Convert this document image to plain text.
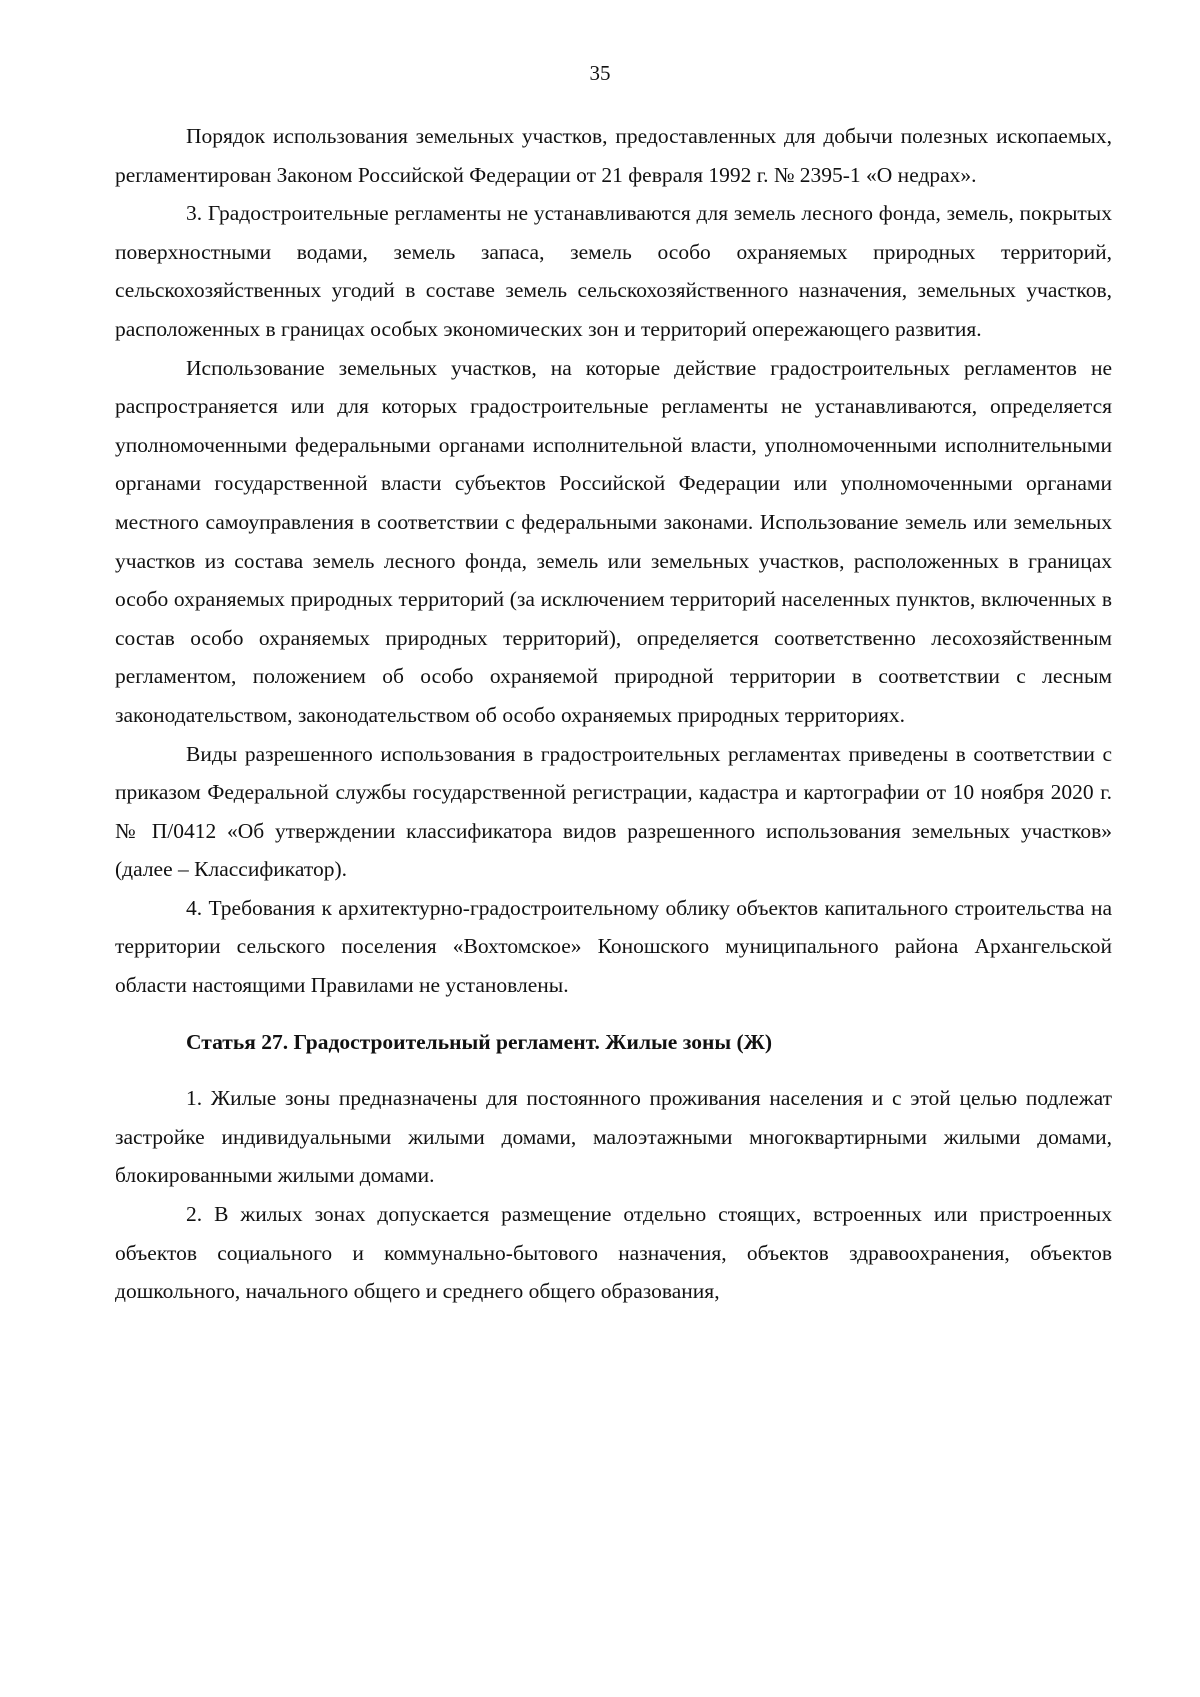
35

Порядок использования земельных участков, предоставленных для добычи полезных ископаемых, регламентирован Законом Российской Федерации от 21 февраля 1992 г. № 2395-1 «О недрах».

3. Градостроительные регламенты не устанавливаются для земель лесного фонда, земель, покрытых поверхностными водами, земель запаса, земель особо охраняемых природных территорий, сельскохозяйственных угодий в составе земель сельскохозяйственного назначения, земельных участков, расположенных в границах особых экономических зон и территорий опережающего развития.

Использование земельных участков, на которые действие градостроительных регламентов не распространяется или для которых градостроительные регламенты не устанавливаются, определяется уполномоченными федеральными органами исполнительной власти, уполномоченными исполнительными органами государственной власти субъектов Российской Федерации или уполномоченными органами местного самоуправления в соответствии с федеральными законами. Использование земель или земельных участков из состава земель лесного фонда, земель или земельных участков, расположенных в границах особо охраняемых природных территорий (за исключением территорий населенных пунктов, включенных в состав особо охраняемых природных территорий), определяется соответственно лесохозяйственным регламентом, положением об особо охраняемой природной территории в соответствии с лесным законодательством, законодательством об особо охраняемых природных территориях.

Виды разрешенного использования в градостроительных регламентах приведены в соответствии с приказом Федеральной службы государственной регистрации, кадастра и картографии от 10 ноября 2020 г. № П/0412 «Об утверждении классификатора видов разрешенного использования земельных участков» (далее – Классификатор).

4. Требования к архитектурно-градостроительному облику объектов капитального строительства на территории сельского поселения «Вохтомское» Коношского муниципального района Архангельской области настоящими Правилами не установлены.

Статья 27. Градостроительный регламент. Жилые зоны (Ж)

1. Жилые зоны предназначены для постоянного проживания населения и с этой целью подлежат застройке индивидуальными жилыми домами, малоэтажными многоквартирными жилыми домами, блокированными жилыми домами.

2. В жилых зонах допускается размещение отдельно стоящих, встроенных или пристроенных объектов социального и коммунально-бытового назначения, объектов здравоохранения, объектов дошкольного, начального общего и среднего общего образования,
